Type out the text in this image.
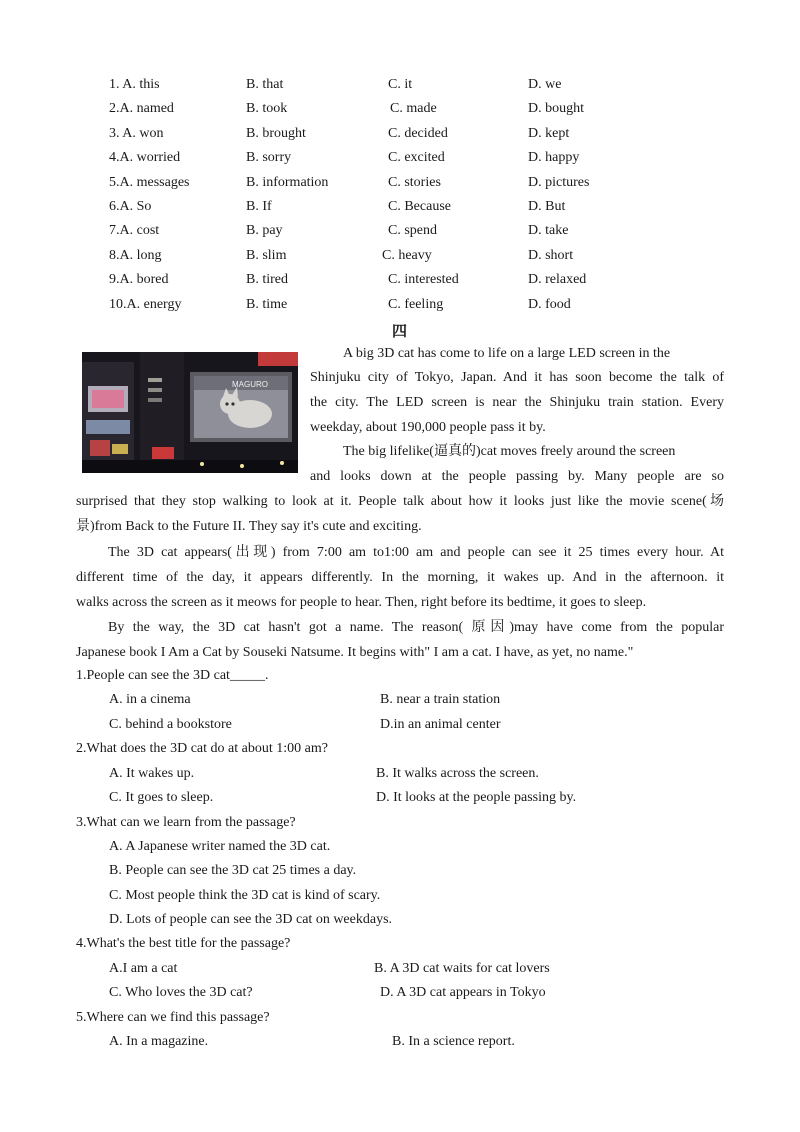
1. A. this	B. that	C. it	D. we
2.A. named	B. took	C. made	D. bought
3. A. won	B. brought	C. decided	D. kept
4.A. worried	B. sorry	C. excited	D. happy
5.A. messages	B. information	C. stories	D. pictures
6.A. So	B. If	C. Because	D. But
7.A. cost	B. pay	C. spend	D. take
8.A. long	B. slim	C. heavy	D. short
9.A. bored	B. tired	C. interested	D. relaxed
10.A. energy	B. time	C. feeling	D. food
四
MAGURO
A big 3D cat has come to life on a large LED screen in the
Shinjuku city of Tokyo, Japan. And it has soon become the talk of
the city. The LED screen is near the Shinjuku train station. Every
weekday, about 190,000 people pass it by.
The big lifelike(逼真的)cat moves freely around the screen
and looks down at the people passing by. Many people are so
surprised that they stop walking to look at it. People talk about how it looks just like the movie scene(场
景)from Back to the Future II. They say it's cute and exciting.
The 3D cat appears(出现) from 7:00 am to1:00 am and people can see it 25 times every hour. At
different time of the day, it appears differently. In the morning, it wakes up. And in the afternoon. it
walks across the screen as it meows for people to hear. Then, right before its bedtime, it goes to sleep.
By the way, the 3D cat hasn't got a name. The reason( 原因)may have come from the popular
Japanese book I Am a Cat by Souseki Natsume. It begins with" I am a cat. I have, as yet, no name."
1.People can see the 3D cat_____.
A. in a cinema	B. near a train station
C. behind a bookstore	D.in an animal center
2.What does the 3D cat do at about 1:00 am?
A. It wakes up.	B. It walks across the screen.
C. It goes to sleep.	D. It looks at the people passing by.
3.What can we learn from the passage?
A. A Japanese writer named the 3D cat.
B. People can see the 3D cat 25 times a day.
C. Most people think the 3D cat is kind of scary.
D. Lots of people can see the 3D cat on weekdays.
4.What's the best title for the passage?
A.I am a cat	B. A 3D cat waits for cat lovers
C. Who loves the 3D cat?	D. A 3D cat appears in Tokyo
5.Where can we find this passage?
A. In a magazine.	B. In a science report.
